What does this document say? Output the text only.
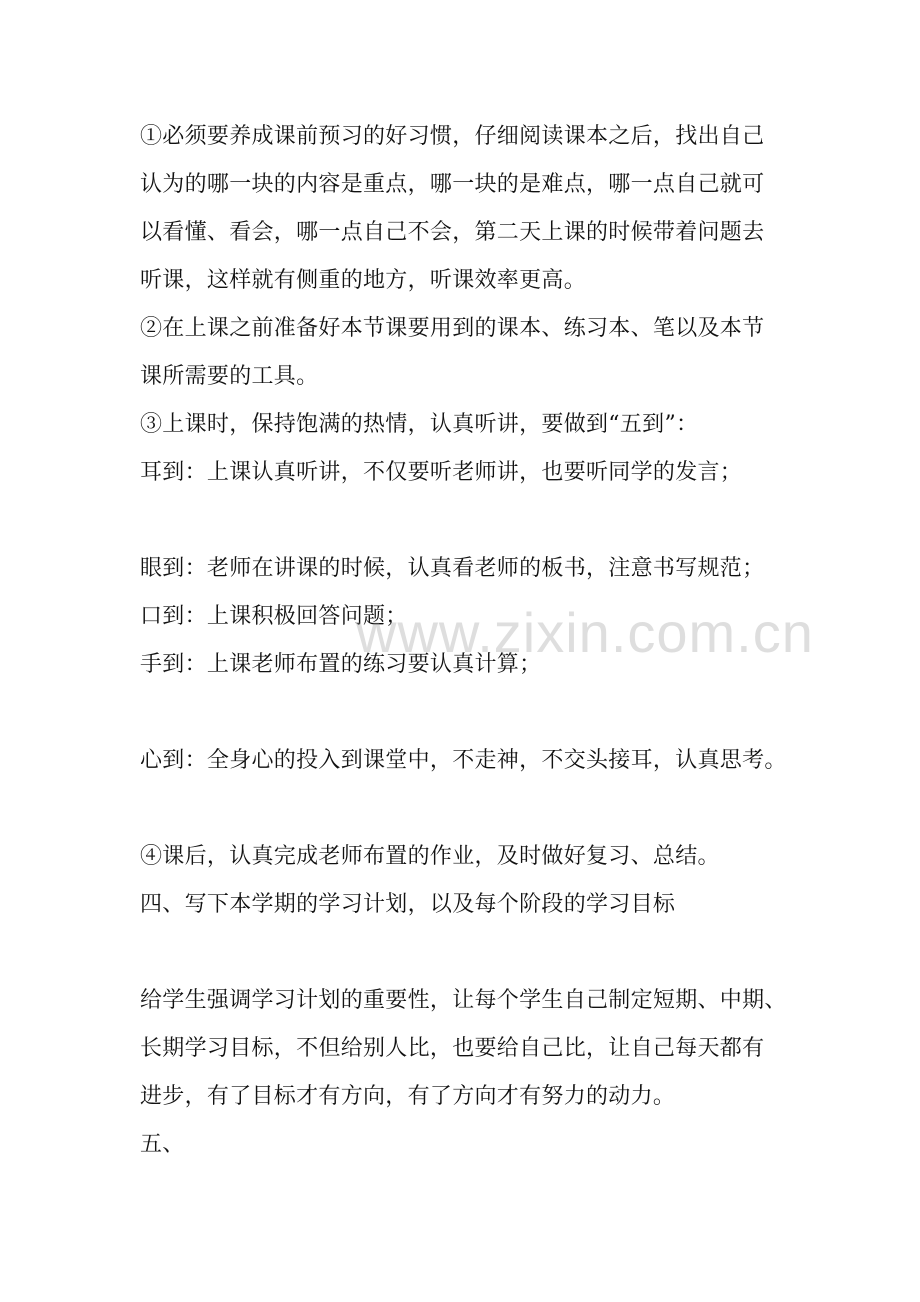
①必须要养成课前预习的好习惯，仔细阅读课本之后，找出自己
认为的哪一块的内容是重点，哪一块的是难点，哪一点自己就可
以看懂、看会，哪一点自己不会，第二天上课的时候带着问题去
听课，这样就有侧重的地方，听课效率更高。
②在上课之前准备好本节课要用到的课本、练习本、笔以及本节
课所需要的工具。
③上课时，保持饱满的热情，认真听讲，要做到“五到”：
耳到：上课认真听讲，不仅要听老师讲，也要听同学的发言；
眼到：老师在讲课的时候，认真看老师的板书，注意书写规范；
口到：上课积极回答问题；
手到：上课老师布置的练习要认真计算；
心到：全身心的投入到课堂中，不走神，不交头接耳，认真思考。
④课后，认真完成老师布置的作业，及时做好复习、总结。
四、写下本学期的学习计划，以及每个阶段的学习目标
给学生强调学习计划的重要性，让每个学生自己制定短期、中期、
长期学习目标，不但给别人比，也要给自己比，让自己每天都有
进步，有了目标才有方向，有了方向才有努力的动力。
五、
www.zixin.com.cn
